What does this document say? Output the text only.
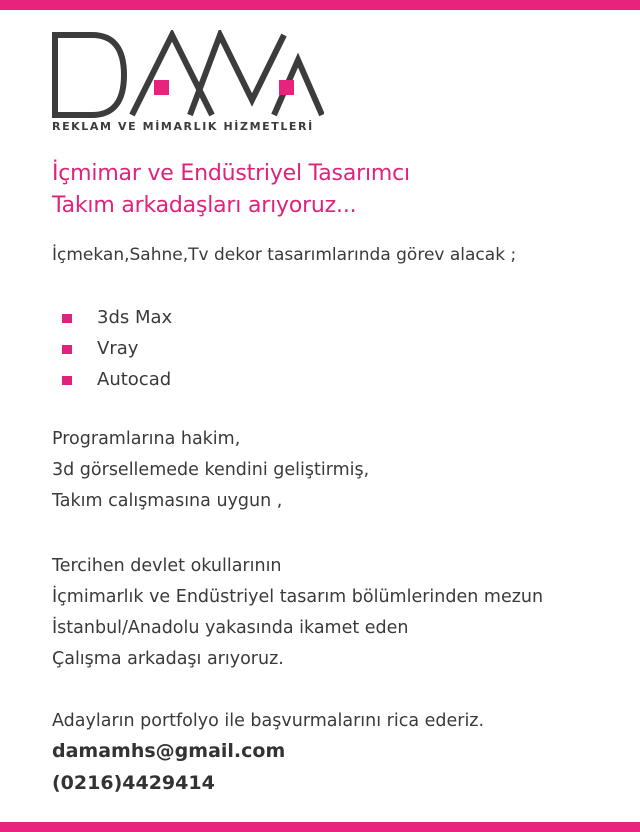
REKLAM VE MİMARLIK HİZMETLERİ
İçmimar ve Endüstriyel Tasarımcı
Takım arkadaşları arıyoruz...
İçmekan,Sahne,Tv dekor tasarımlarında görev alacak ;
3ds Max
Vray
Autocad
Programlarına hakim,
3d görsellemede kendini geliştirmiş,
Takım calışmasına uygun ,
Tercihen devlet okullarının
İçmimarlık ve Endüstriyel tasarım bölümlerinden mezun
İstanbul/Anadolu yakasında ikamet eden
Çalışma arkadaşı arıyoruz.
Adayların portfolyo ile başvurmalarını rica ederiz.
damamhs@gmail.com
(0216)4429414
